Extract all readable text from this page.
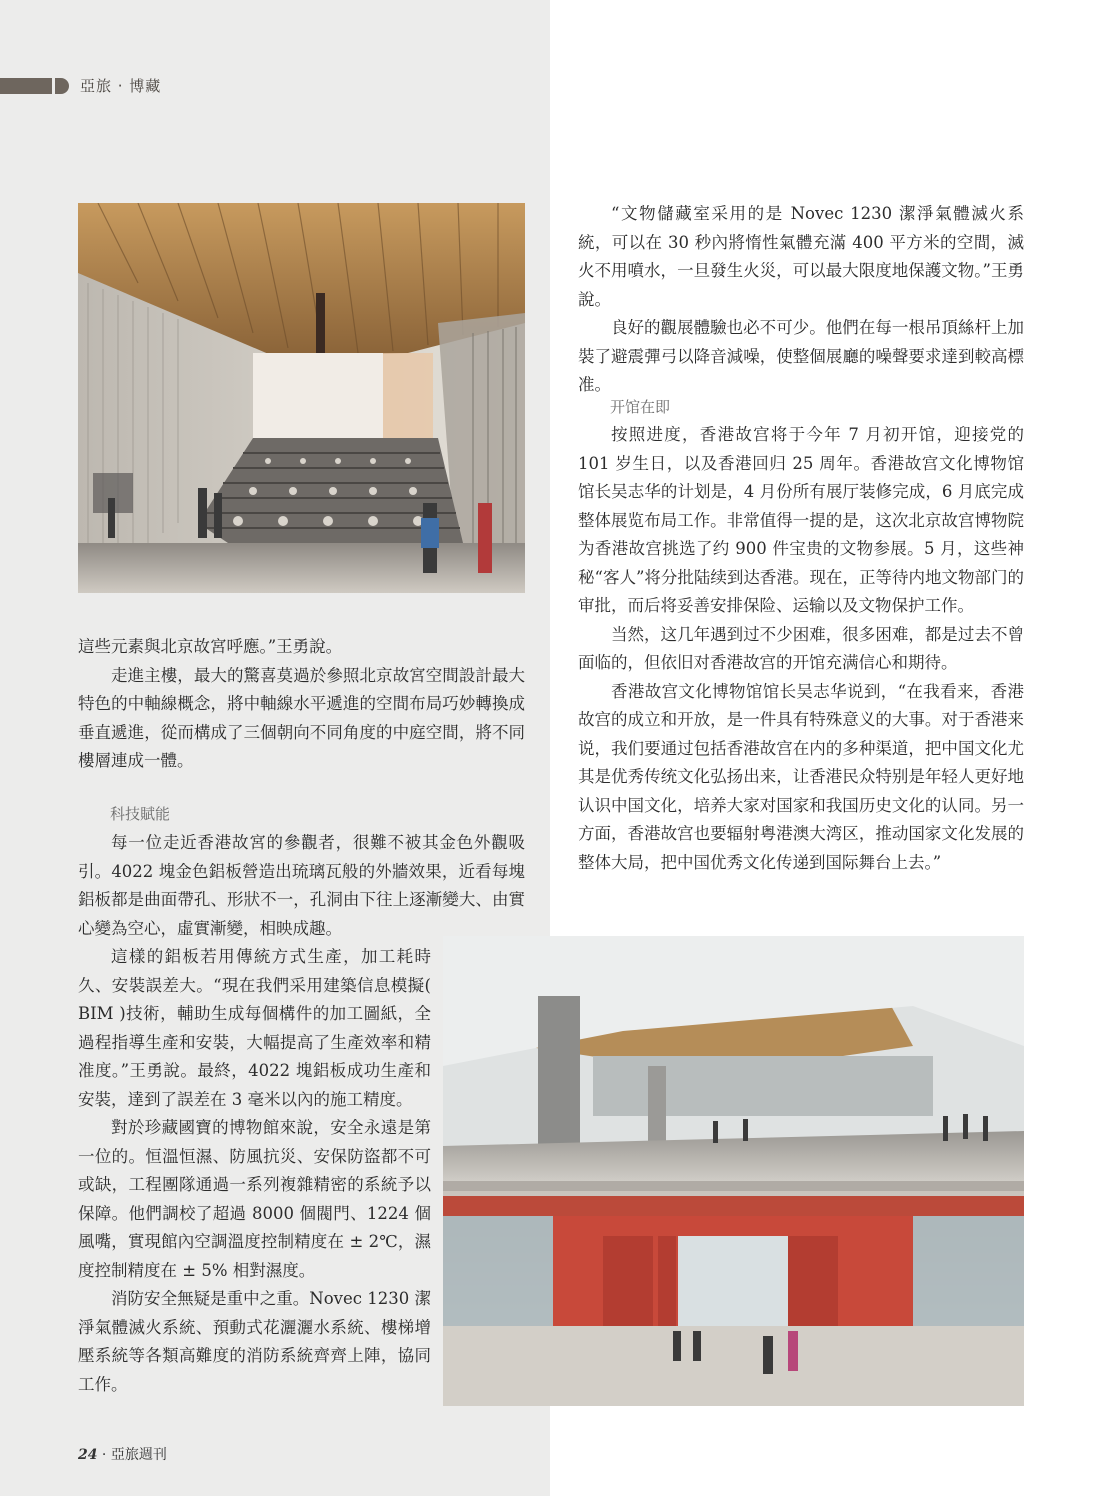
亞旅 · 博藏

這些元素與北京故宮呼應。”王勇說。

走進主樓，最大的驚喜莫過於參照北京故宮空間設計最大特色的中軸線概念，將中軸線水平遞進的空間布局巧妙轉換成垂直遞進，從而構成了三個朝向不同角度的中庭空間，將不同樓層連成一體。

科技賦能

每一位走近香港故宮的參觀者，很難不被其金色外觀吸引。4022 塊金色鋁板營造出琉璃瓦般的外牆效果，近看每塊鋁板都是曲面帶孔、形狀不一，孔洞由下往上逐漸變大、由實心變為空心，虛實漸變，相映成趣。

這樣的鋁板若用傳統方式生產，加工耗時久、安裝誤差大。“現在我們采用建築信息模擬( BIM )技術，輔助生成每個構件的加工圖紙，全過程指導生產和安裝，大幅提高了生產效率和精准度。”王勇說。最終，4022 塊鋁板成功生產和安裝，達到了誤差在 3 毫米以內的施工精度。

對於珍藏國寶的博物館來說，安全永遠是第一位的。恒溫恒濕、防風抗災、安保防盜都不可或缺，工程團隊通過一系列複雜精密的系統予以保障。他們調校了超過 8000 個閥門、1224 個風嘴，實現館內空調溫度控制精度在 ± 2℃，濕度控制精度在 ± 5% 相對濕度。

消防安全無疑是重中之重。Novec 1230 潔淨氣體滅火系統、預動式花灑灑水系統、樓梯增壓系統等各類高難度的消防系統齊齊上陣，協同工作。

“文物儲藏室采用的是 Novec 1230 潔淨氣體滅火系統，可以在 30 秒內將惰性氣體充滿 400 平方米的空間，滅火不用噴水，一旦發生火災，可以最大限度地保護文物。”王勇說。

良好的觀展體驗也必不可少。他們在每一根吊頂絲杆上加裝了避震彈弓以降音減噪，使整個展廳的噪聲要求達到較高標准。

开馆在即

按照进度，香港故宫将于今年 7 月初开馆，迎接党的 101 岁生日，以及香港回归 25 周年。香港故宫文化博物馆馆长吴志华的计划是，4 月份所有展厅装修完成，6 月底完成整体展览布局工作。非常值得一提的是，这次北京故宫博物院为香港故宫挑选了约 900 件宝贵的文物参展。5 月，这些神秘“客人”将分批陆续到达香港。现在，正等待内地文物部门的审批，而后将妥善安排保险、运输以及文物保护工作。

当然，这几年遇到过不少困难，很多困难，都是过去不曾面临的，但依旧对香港故宫的开馆充满信心和期待。

香港故宫文化博物馆馆长吴志华说到，“在我看来，香港故宫的成立和开放，是一件具有特殊意义的大事。对于香港来说，我们要通过包括香港故宫在内的多种渠道，把中国文化尤其是优秀传统文化弘扬出来，让香港民众特别是年轻人更好地认识中国文化，培养大家对国家和我国历史文化的认同。另一方面，香港故宫也要辐射粤港澳大湾区，推动国家文化发展的整体大局，把中国优秀文化传递到国际舞台上去。”

24 · 亞旅週刊
